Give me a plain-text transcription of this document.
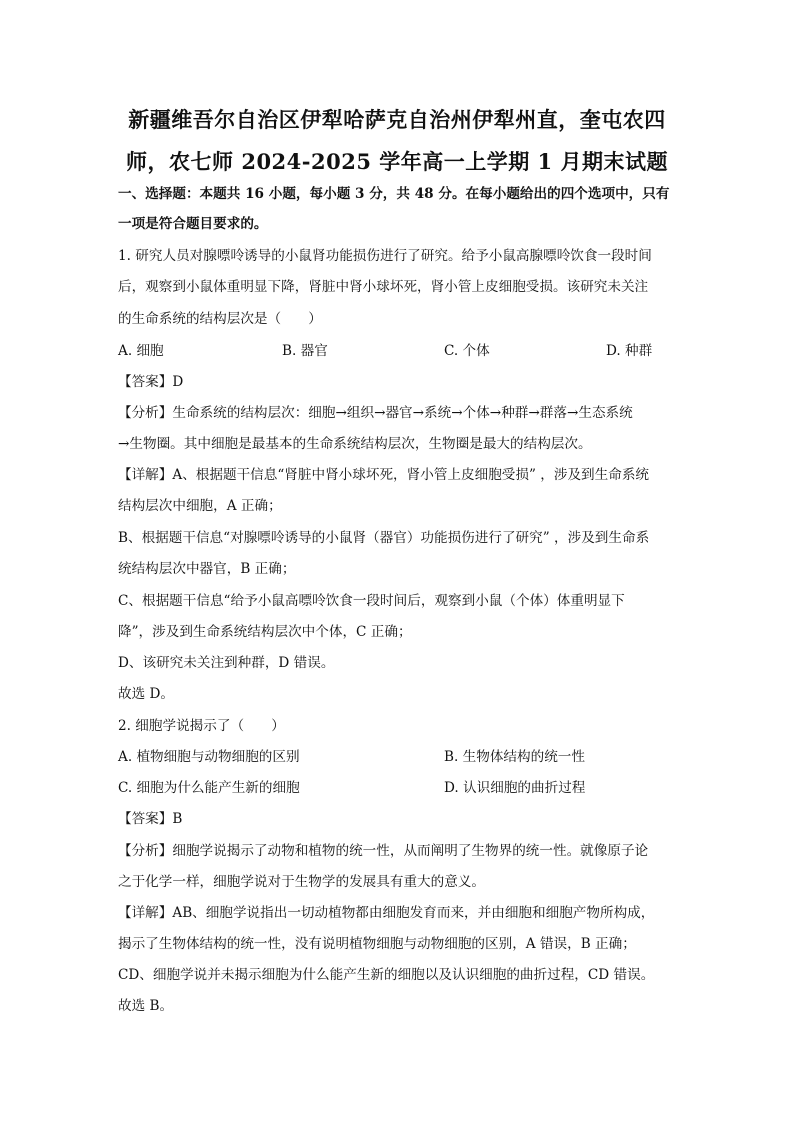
新疆维吾尔自治区伊犁哈萨克自治州伊犁州直，奎屯农四
师，农七师 2024-2025 学年高一上学期 1 月期末试题
一、选择题：本题共 16 小题，每小题 3 分，共 48 分。在每小题给出的四个选项中，只有
一项是符合题目要求的。
1. 研究人员对腺嘌呤诱导的小鼠肾功能损伤进行了研究。给予小鼠高腺嘌呤饮食一段时间
后，观察到小鼠体重明显下降，肾脏中肾小球坏死，肾小管上皮细胞受损。该研究未关注
的生命系统的结构层次是（　　）
A. 细胞	B. 器官	C. 个体	D. 种群
【答案】D
【分析】生命系统的结构层次：细胞→组织→器官→系统→个体→种群→群落→生态系统
→生物圈。其中细胞是最基本的生命系统结构层次，生物圈是最大的结构层次。
【详解】A、根据题干信息“肾脏中肾小球坏死，肾小管上皮细胞受损” ，涉及到生命系统
结构层次中细胞，A 正确；
B、根据题干信息“对腺嘌呤诱导的小鼠肾（器官）功能损伤进行了研究” ，涉及到生命系
统结构层次中器官，B 正确；
C、根据题干信息“给予小鼠高嘌呤饮食一段时间后，观察到小鼠（个体）体重明显下
降”，涉及到生命系统结构层次中个体，C 正确；
D、该研究未关注到种群，D 错误。
故选 D。
2. 细胞学说揭示了（　　）
A. 植物细胞与动物细胞的区别	B. 生物体结构的统一性
C. 细胞为什么能产生新的细胞	D. 认识细胞的曲折过程
【答案】B
【分析】细胞学说揭示了动物和植物的统一性，从而阐明了生物界的统一性。就像原子论
之于化学一样，细胞学说对于生物学的发展具有重大的意义。
【详解】AB、细胞学说指出一切动植物都由细胞发育而来，并由细胞和细胞产物所构成，
揭示了生物体结构的统一性，没有说明植物细胞与动物细胞的区别，A 错误，B 正确；
CD、细胞学说并未揭示细胞为什么能产生新的细胞以及认识细胞的曲折过程，CD 错误。
故选 B。
